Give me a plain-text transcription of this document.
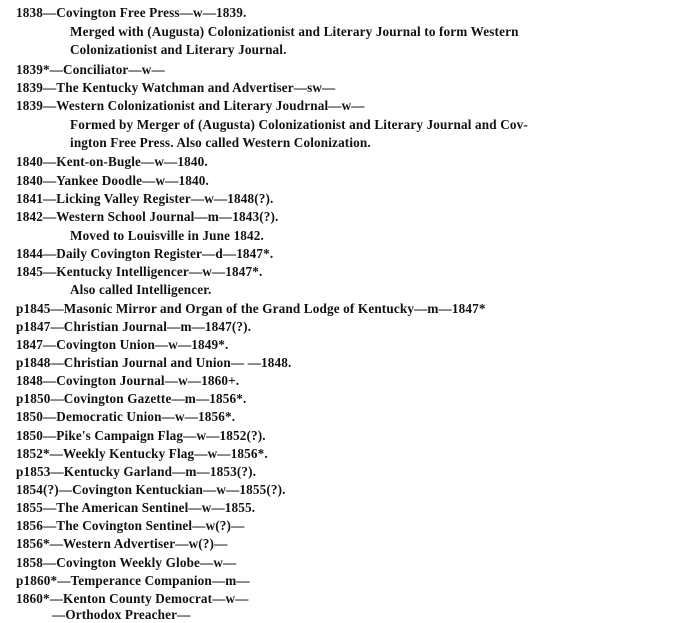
1838—Covington Free Press—w—1839.
Merged with (Augusta) Colonizationist and Literary Journal to form Western
Colonizationist and Literary Journal.
1839*—Conciliator—w—
1839—The Kentucky Watchman and Advertiser—sw—
1839—Western Colonizationist and Literary Joudrnal—w—
Formed by Merger of (Augusta) Colonizationist and Literary Journal and Cov-
ington Free Press. Also called Western Colonization.
1840—Kent-on-Bugle—w—1840.
1840—Yankee Doodle—w—1840.
1841—Licking Valley Register—w—1848(?).
1842—Western School Journal—m—1843(?).
Moved to Louisville in June 1842.
1844—Daily Covington Register—d—1847*.
1845—Kentucky Intelligencer—w—1847*.
Also called Intelligencer.
p1845—Masonic Mirror and Organ of the Grand Lodge of Kentucky—m—1847*
p1847—Christian Journal—m—1847(?).
1847—Covington Union—w—1849*.
p1848—Christian Journal and Union— —1848.
1848—Covington Journal—w—1860+.
p1850—Covington Gazette—m—1856*.
1850—Democratic Union—w—1856*.
1850—Pike's Campaign Flag—w—1852(?).
1852*—Weekly Kentucky Flag—w—1856*.
p1853—Kentucky Garland—m—1853(?).
1854(?)—Covington Kentuckian—w—1855(?).
1855—The American Sentinel—w—1855.
1856—The Covington Sentinel—w(?)—
1856*—Western Advertiser—w(?)—
1858—Covington Weekly Globe—w—
p1860*—Temperance Companion—m—
1860*—Kenton County Democrat—w—
—Orthodox Preacher—
